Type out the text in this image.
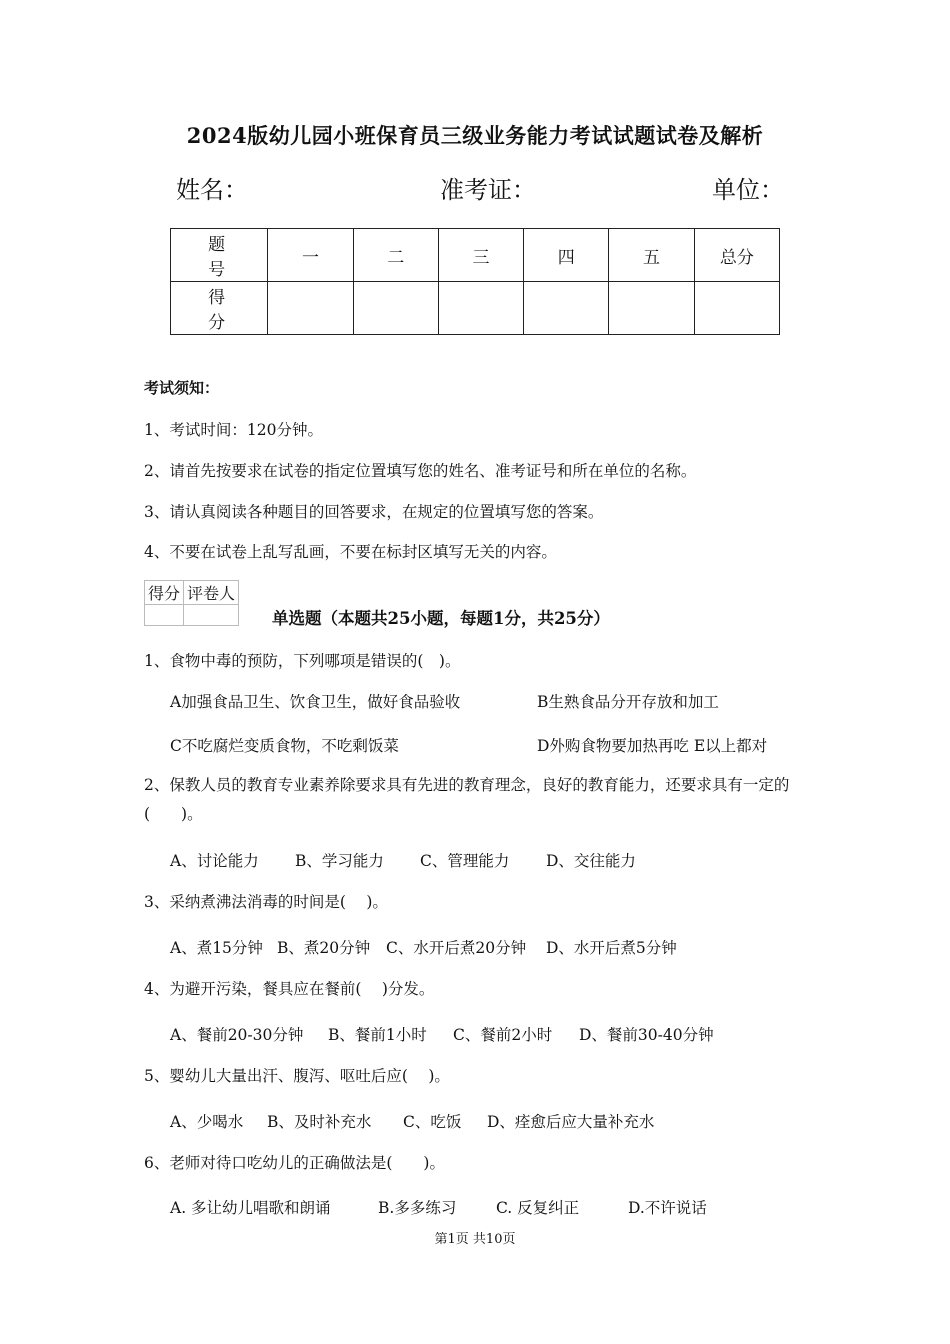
2024版幼儿园小班保育员三级业务能力考试试题试卷及解析
姓名：	准考证：	单位：
题 号	一	二	三	四	五	总分
得 分						
考试须知：
1、考试时间：120分钟。
2、请首先按要求在试卷的指定位置填写您的姓名、准考证号和所在单位的名称。
3、请认真阅读各种题目的回答要求，在规定的位置填写您的答案。
4、不要在试卷上乱写乱画，不要在标封区填写无关的内容。
得分	评卷人

单选题（本题共25小题，每题1分，共25分）
1、食物中毒的预防，下列哪项是错误的(　)。
A加强食品卫生、饮食卫生，做好食品验收	B生熟食品分开存放和加工
C不吃腐烂变质食物，不吃剩饭菜	D外购食物要加热再吃 E以上都对
2、保教人员的教育专业素养除要求具有先进的教育理念，良好的教育能力，还要求具有一定的(　　)。
A、讨论能力 B、学习能力 C、管理能力 D、交往能力
3、采纳煮沸法消毒的时间是(　 )。
A、煮15分钟 B、煮20分钟 C、水开后煮20分钟 D、水开后煮5分钟
4、为避开污染，餐具应在餐前(　 )分发。
A、餐前20-30分钟 B、餐前1小时 C、餐前2小时 D、餐前30-40分钟
5、婴幼儿大量出汗、腹泻、呕吐后应(　 )。
A、少喝水 B、及时补充水 C、吃饭 D、痊愈后应大量补充水
6、老师对待口吃幼儿的正确做法是(　　)。
A. 多让幼儿唱歌和朗诵	B.多多练习	C. 反复纠正	D.不许说话
第1页 共10页
